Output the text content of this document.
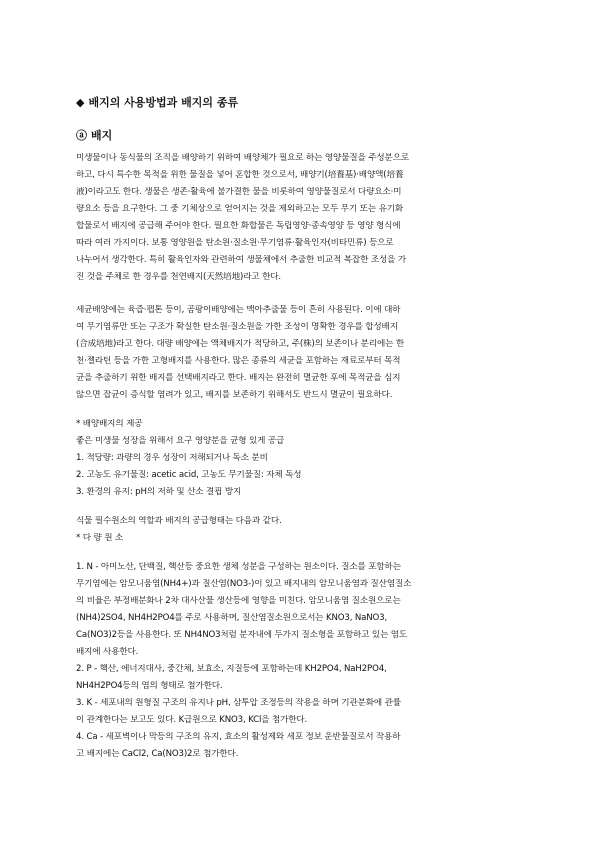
◆ 배지의 사용방법과 배지의 종류
ⓐ 배지
미생물이나 동식물의 조직을 배양하기 위하여 배양체가 필요로 하는 영양물질을 주성분으로
하고, 다시 특수한 목적을 위한 물질을 넣어 혼합한 것으로서, 배양기(培養基)·배양액(培養
液)이라고도 한다. 생물은 생존·활육에 불가결한 물을 비롯하여 영양물질로서 다량요소·미
량요소 등을 요구한다. 그 중 기체상으로 얻어지는 것을 제외하고는 모두 무기 또는 유기화
합물로서 배지에 공급해 주어야 한다. 필요한 화합물은 독립영양·종속영양 등 영양 형식에
따라 여러 가지이다. 보통 영양원을 탄소원·질소원·무기염류·활육인자(비타민류) 등으로
나누어서 생각한다. 특히 활육인자와 관련하여 생물체에서 추출한 비교적 복잡한 조성을 가
진 것을 주체로 한 경우를 천연배지(天然培地)라고 한다.
세균배양에는 육즙·펩톤 등이, 곰팡이배양에는 맥아추출물 등이 흔히 사용된다. 이에 대하
여 무기염류만 또는 구조가 확실한 탄소원·질소원을 가한 조성이 명확한 경우를 합성배지
(合成培地)라고 한다. 대량 배양에는 액체배지가 적당하고, 주(株)의 보존이나 분리에는 한
천·젤라틴 등을 가한 고형배지를 사용한다. 많은 종류의 세균을 포함하는 재료로부터 목적
균을 추출하기 위한 배지를 선택배지라고 한다. 배지는 완전히 멸균한 후에 목적균을 심지
않으면 잡균이 증식할 염려가 있고, 배지를 보존하기 위해서도 반드시 멸균이 필요하다.
* 배양배지의 제공
좋은 미생물 성장을 위해서 요구 영양분을 균형 있게 공급
1. 적당량: 과량의 경우 성장이 저해되거나 독소 분비
2. 고농도 유기물질: acetic acid, 고농도 무기물질: 자체 독성
3. 환경의 유지: pH의 저하 및 산소 결핍 방지
식물 필수원소의 역할과 배지의 공급형태는 다음과 같다.
* 다 량 원 소
1. N - 아미노산, 단백질, 핵산등 중요한 생체 성분을 구성하는 원소이다. 질소를 포함하는
무기염에는 암모니움염(NH4+)과 질산염(NO3-)이 있고 배지내의 암모니움염과 질산염질소
의 비율은 부정배분화나 2차 대사산물 생산등에 영향을 미친다. 암모니움염 질소원으로는
(NH4)2SO4, NH4H2PO4를 주로 사용하며, 질산염질소원으로서는 KNO3, NaNO3,
Ca(NO3)2등을 사용한다. 또 NH4NO3처럼 분자내에 두가지 질소형을 포함하고 있는 염도
배지에 사용한다.
2. P - 핵산, 에너지대사, 중간체, 보효소, 지질등에 포함하는데 KH2PO4, NaH2PO4,
NH4H2PO4등의 염의 형태로 첨가한다.
3. K - 세포내의 원형질 구조의 유지나 pH, 삼투압 조정등의 작용을 하며 기관분화에 관률
이 관계한다는 보고도 있다. K급원으로 KNO3, KCl을 첨가한다.
4. Ca - 세포벽이나 막등의 구조의 유지, 효소의 활성제와 세포 정보 운반물질로서 작용하
고 배지에는 CaCl2, Ca(NO3)2로 첨가한다.
